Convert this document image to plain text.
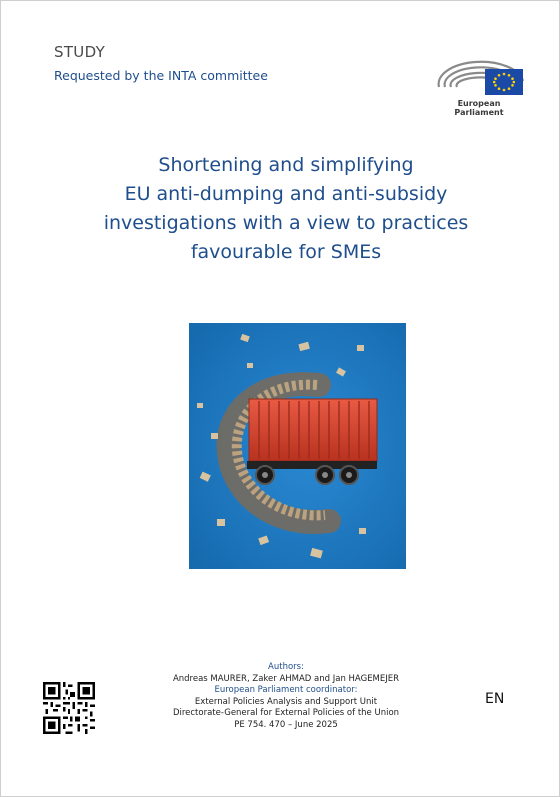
STUDY
Requested by the INTA committee
European Parliament
Shortening and simplifying
EU anti-dumping and anti-subsidy
investigations with a view to practices
favourable for SMEs
Authors:
Andreas MAURER, Zaker AHMAD and Jan HAGEMEJER
European Parliament coordinator:
External Policies Analysis and Support Unit
Directorate-General for External Policies of the Union
PE 754. 470 – June 2025
EN
